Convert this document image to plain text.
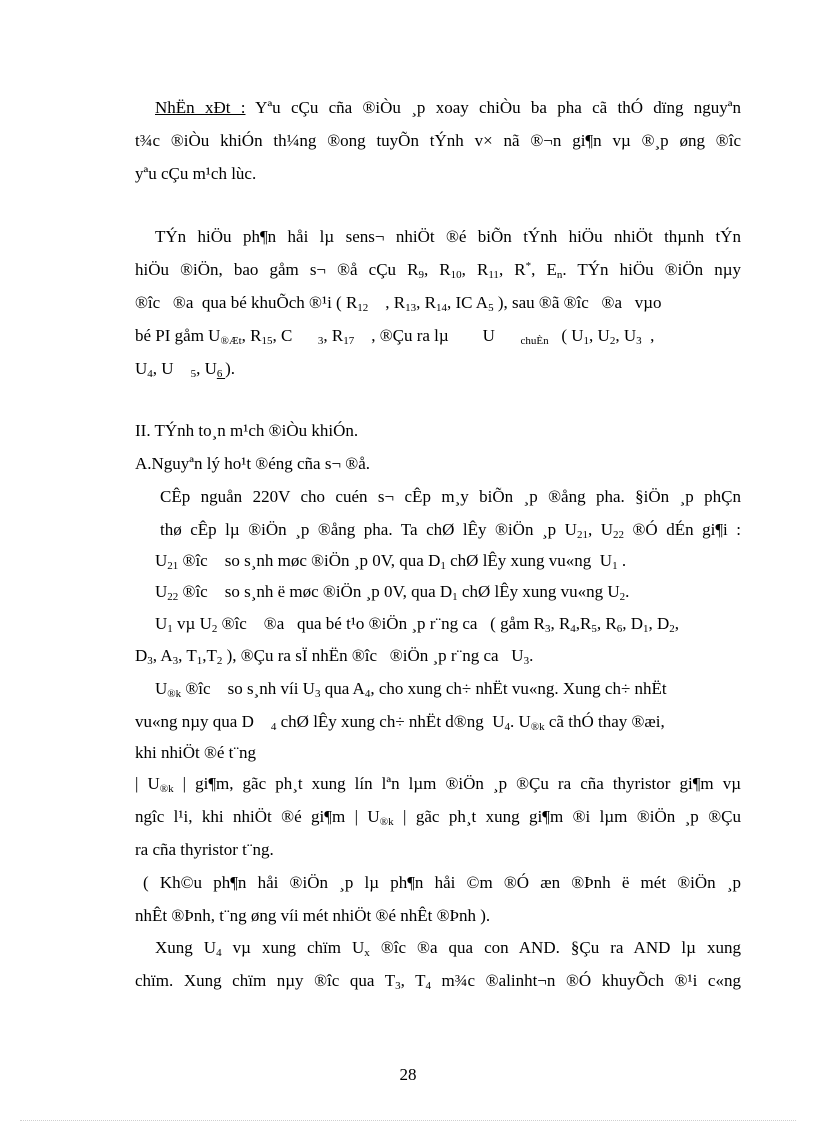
NhËn xÐt : Yªu cÇu cña ®iÒu ¸p xoay chiÒu ba pha cã thÓ dïng nguyªn
t¾c ®iÒu khiÓn th¼ng ®ong tuyÕn tÝnh v× nã ®¬n gi¶n vµ ®¸p øng ®îc
yªu cÇu m¹ch lùc.
TÝn hiÖu ph¶n håi lµ sens¬ nhiÖt ®é biÕn tÝnh hiÖu nhiÖt thµnh tÝn
hiÖu ®iÖn, bao gåm s¬ ®å cÇu $R_9$, $R_{10}$, $R_{11}$, R*, $E_n$. TÝn hiÖu ®iÖn nµy
®îc   ®a  qua bé khuÕch ®¹i ( $R_{12}$    , $R_{13}$, $R_{14}$, IC $A_5$ ), sau ®ã ®îc   ®a   vµo
bé PI gåm $U_{®Æt}$, $R_{15}$, C      $_3$, $R_{17}$    , ®Çu ra lµ        U      $_{chuÈn}$   ( $U_1$, $U_2$, $U_3$  ,
$U_4$, U    $_5$, $U_6$ ).
II. TÝnh to¸n m¹ch ®iÒu khiÓn.
A.Nguyªn lý ho¹t ®éng cña s¬ ®å.
CÊp nguån 220V cho cuén s¬ cÊp m¸y biÕn ¸p ®ång pha. §iÖn ¸p phÇn
thø cÊp lµ ®iÖn ¸p ®ång pha. Ta chØ lÊy ®iÖn ¸p $U_{21}$, $U_{22}$ ®Ó dÉn gi¶i :
$U_{21}$ ®îc    so s¸nh møc ®iÖn ¸p 0V, qua $D_1$ chØ lÊy xung vu«ng  $U_1$ .
$U_{22}$ ®îc    so s¸nh ë møc ®iÖn ¸p 0V, qua $D_1$ chØ lÊy xung vu«ng $U_2$.
$U_1$ vµ $U_2$ ®îc    ®a   qua bé t¹o ®iÖn ¸p r¨ng ca   ( gåm $R_3$, $R_4,R_5$, $R_6$, $D_1$, $D_2$,
$D_3$, $A_3$, $T_1,T_2$ ), ®Çu ra sÏ nhËn ®îc   ®iÖn ¸p r¨ng ca   $U_3$.
$U_{®k}$ ®îc    so s¸nh víi $U_3$ qua $A_4$, cho xung ch÷ nhËt vu«ng. Xung ch÷ nhËt
vu«ng nµy qua D    $_4$ chØ lÊy xung ch÷ nhËt d®ng  $U_4$. $U_{®k}$ cã thÓ thay ®æi,
khi nhiÖt ®é t¨ng
| $U_{®k}$ | gi¶m, gãc ph¸t xung lín lªn lµm ®iÖn ¸p ®Çu ra cña thyristor gi¶m vµ
ngîc l¹i, khi nhiÖt ®é gi¶m | $U_{®k}$ | gãc ph¸t xung gi¶m ®i lµm ®iÖn ¸p ®Çu
ra cña thyristor t¨ng.
( Kh©u ph¶n håi ®iÖn ¸p lµ ph¶n håi ©m ®Ó æn ®Þnh ë mét ®iÖn ¸p
nhÊt ®Þnh, t¨ng øng víi mét nhiÖt ®é nhÊt ®Þnh ).
Xung $U_4$ vµ xung chïm $U_x$ ®îc ®a qua con AND. §Çu ra AND lµ xung
chïm. Xung chïm nµy ®îc qua $T_3$, $T_4$ m¾c ®alinht¬n ®Ó khuyÕch ®¹i c«ng
28
